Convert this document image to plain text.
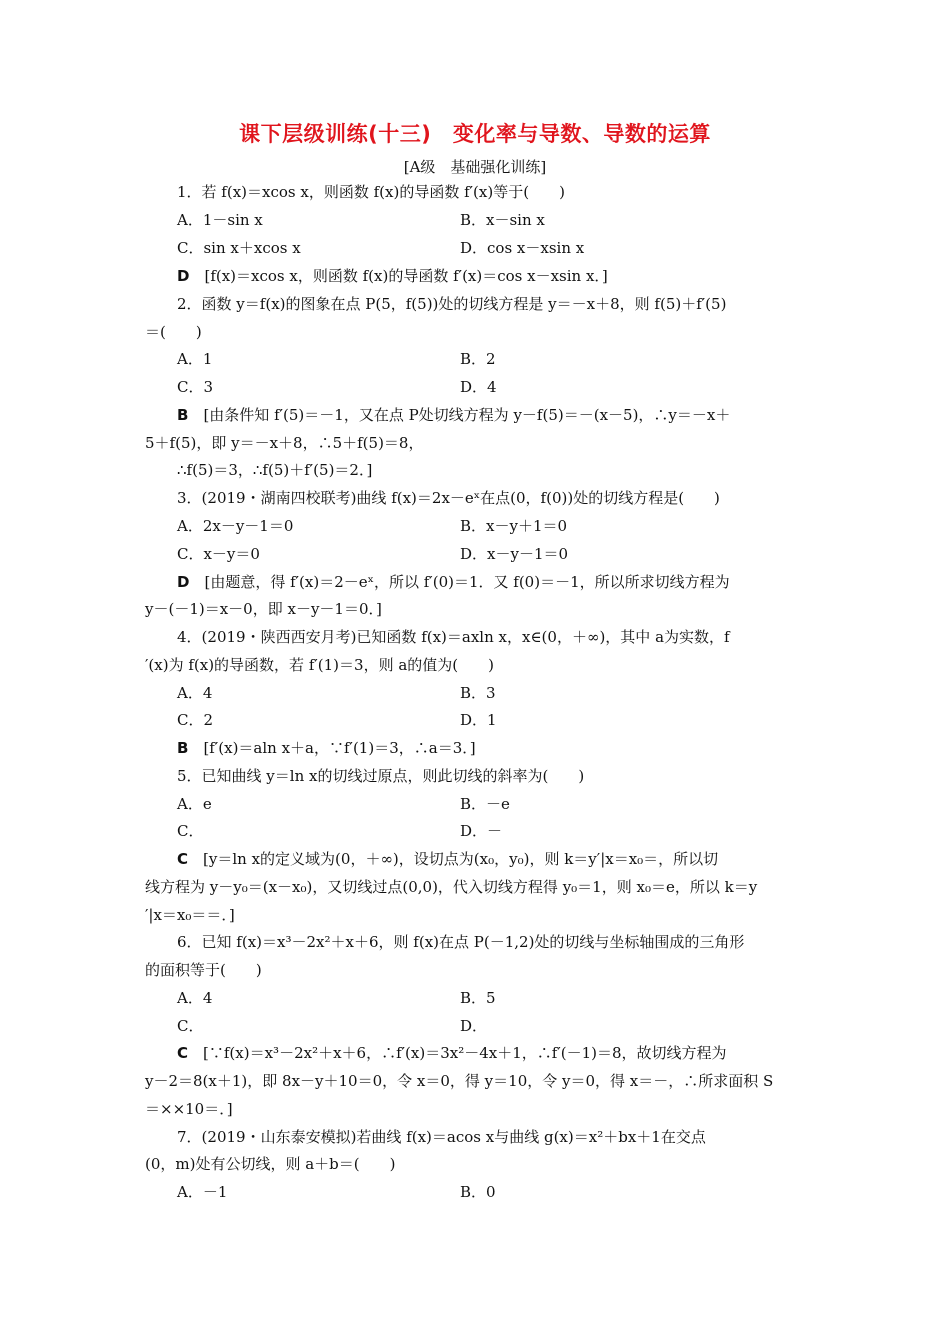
课下层级训练(十三)　变化率与导数、导数的运算
[A级　基础强化训练]
1．若 f(x)＝xcos x，则函数 f(x)的导函数 f′(x)等于(　　)
A．1－sin x	B．x－sin x
C．sin x＋xcos x	D．cos x－xsin x
D　 [f(x)＝xcos x，则函数 f(x)的导函数 f′(x)＝cos x－xsin x．]
2．函数 y＝f(x)的图象在点 P(5，f(5))处的切线方程是 y＝－x＋8，则 f(5)＋f′(5)
＝(　　)
A．1	B．2
C．3	D．4
B　 [由条件知 f′(5)＝－1，又在点 P处切线方程为 y－f(5)＝－(x－5)，∴y＝－x＋
5＋f(5)，即 y＝－x＋8，∴5＋f(5)＝8，
∴f(5)＝3，∴f(5)＋f′(5)＝2．]
3．(2019・湖南四校联考)曲线 f(x)＝2x－eˣ在点(0，f(0))处的切线方程是(　　)
A．2x－y－1＝0	B．x－y＋1＝0
C．x－y＝0	D．x－y－1＝0
D　 [由题意，得 f′(x)＝2－eˣ，所以 f′(0)＝1．又 f(0)＝－1，所以所求切线方程为
y－(－1)＝x－0，即 x－y－1＝0．]
4．(2019・陕西西安月考)已知函数 f(x)＝axln x，x∈(0，＋∞)，其中 a为实数，f
′(x)为 f(x)的导函数，若 f′(1)＝3，则 a的值为(　　)
A．4	B．3
C．2	D．1
B　 [f′(x)＝aln x＋a，∵f′(1)＝3，∴a＝3．]
5．已知曲线 y＝ln x的切线过原点，则此切线的斜率为(　　)
A．e	B．－e
C．	D．－
C　 [y＝ln x的定义域为(0，＋∞)，设切点为(x₀，y₀)，则 k＝y′|x＝x₀＝，所以切
线方程为 y－y₀＝(x－x₀)，又切线过点(0,0)，代入切线方程得 y₀＝1，则 x₀＝e，所以 k＝y
′|x＝x₀＝＝．]
6．已知 f(x)＝x³－2x²＋x＋6，则 f(x)在点 P(－1,2)处的切线与坐标轴围成的三角形
的面积等于(　　)
A．4	B．5
C．	D．
C　 [∵f(x)＝x³－2x²＋x＋6，∴f′(x)＝3x²－4x＋1，∴f′(－1)＝8，故切线方程为
y－2＝8(x＋1)，即 8x－y＋10＝0，令 x＝0，得 y＝10，令 y＝0，得 x＝－，∴所求面积 S
＝××10＝．]
7．(2019・山东泰安模拟)若曲线 f(x)＝acos x与曲线 g(x)＝x²＋bx＋1在交点
(0，m)处有公切线，则 a＋b＝(　　)
A．－1	B．0
